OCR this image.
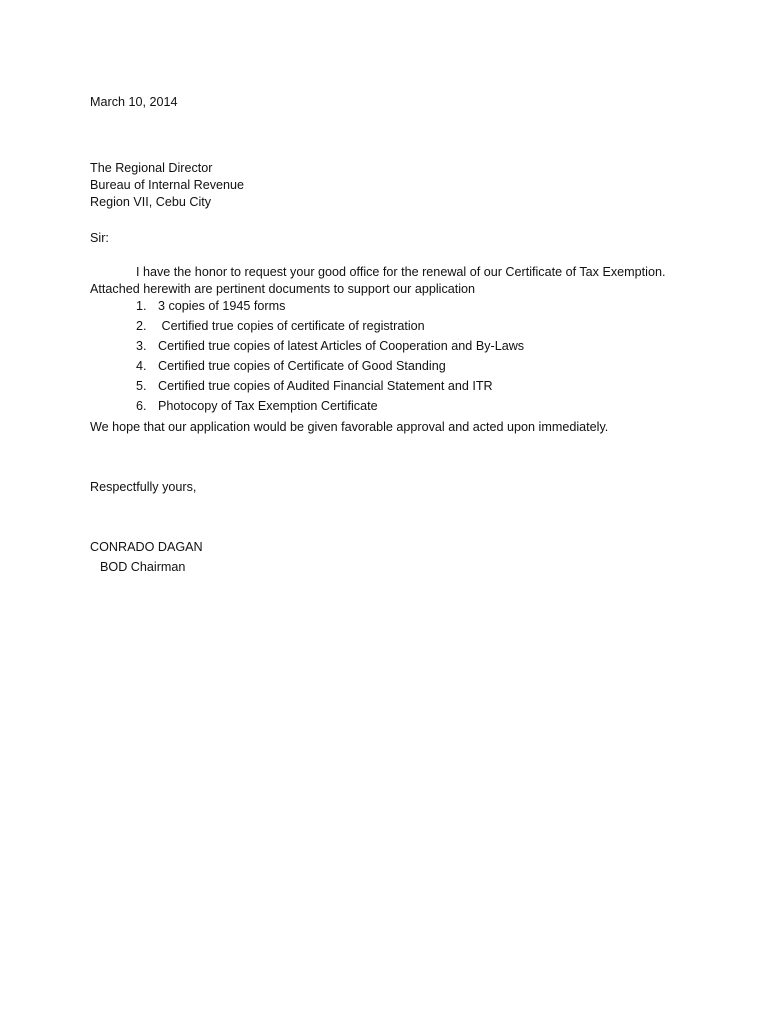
March 10, 2014
The Regional Director
Bureau of Internal Revenue
Region VII, Cebu City
Sir:
I have the honor to request your good office for the renewal of our Certificate of Tax Exemption.
Attached herewith are pertinent documents to support our application
1. 3 copies of 1945 forms
2. Certified true copies of certificate of registration
3. Certified true copies of latest Articles of Cooperation and By-Laws
4. Certified true copies of Certificate of Good Standing
5. Certified true copies of Audited Financial Statement and ITR
6. Photocopy of Tax Exemption Certificate
We hope that our application would be given favorable approval and acted upon immediately.
Respectfully yours,
CONRADO DAGAN
BOD Chairman
